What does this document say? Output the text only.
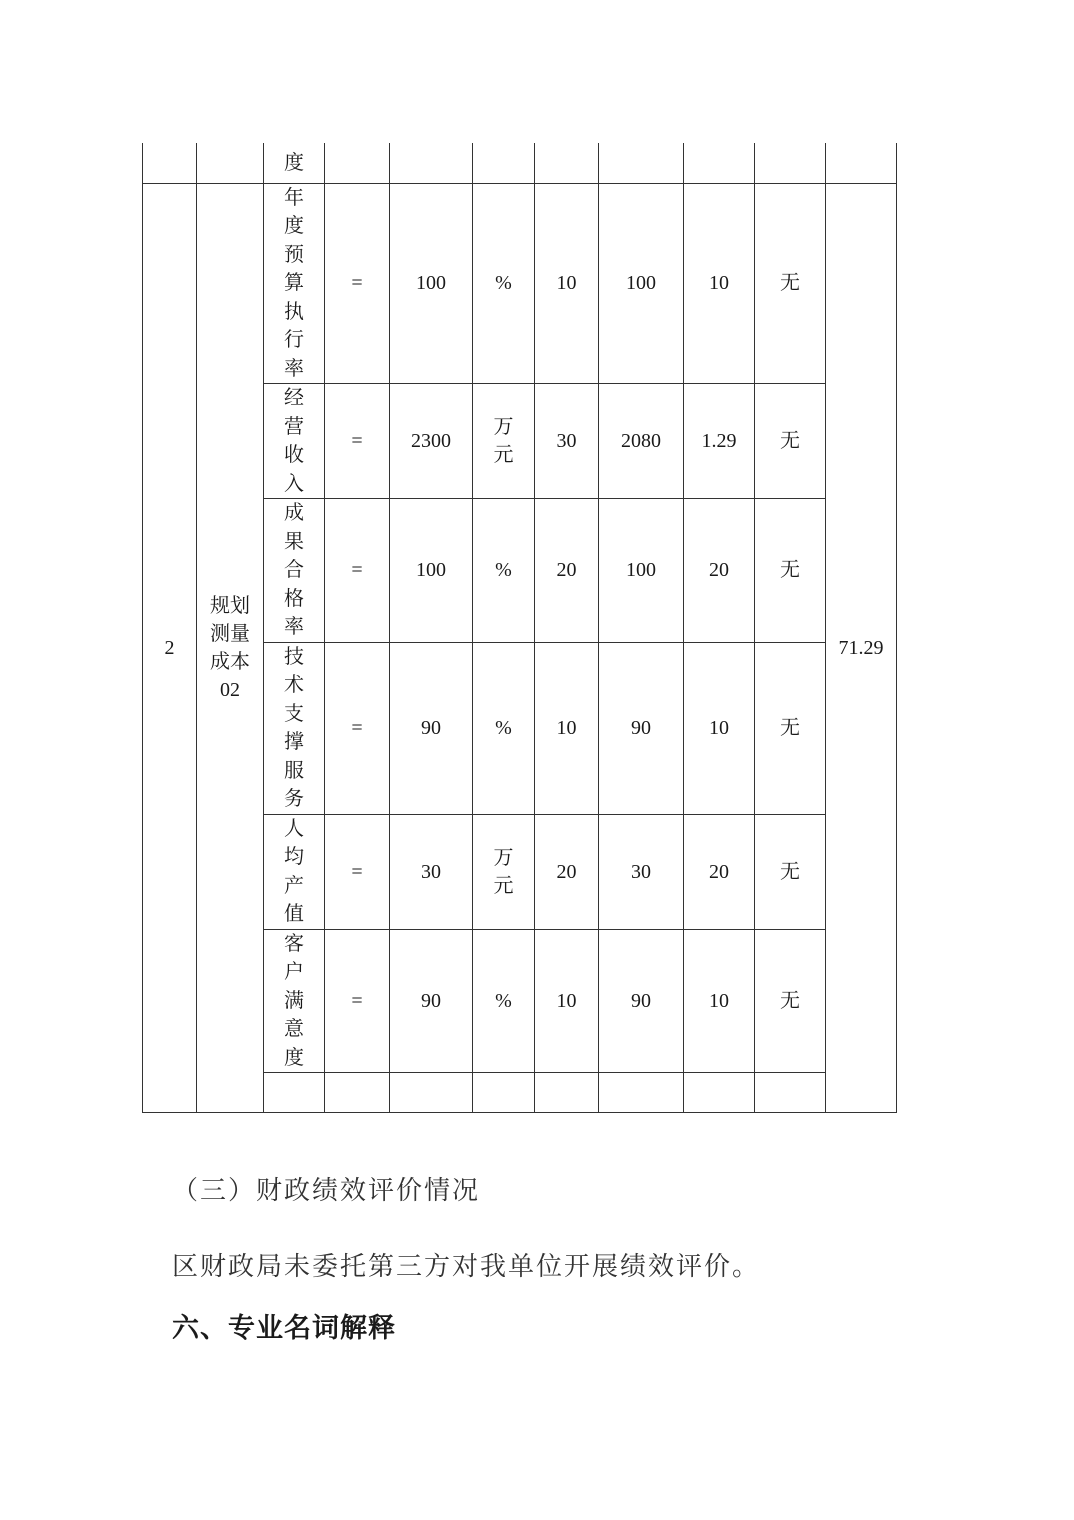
		度								

2	规划测量成本02	年度预算执行率	=	100	%	10	100	10	无	71.29

		经营收入	=	2300	万元	30	2080	1.29	无	

		成果合格率	=	100	%	20	100	20	无	

		技术支撑服务	=	90	%	10	90	10	无	

		人均产值	=	30	万元	20	30	20	无	

		客户满意度	=	90	%	10	90	10	无	

（三）财政绩效评价情况
区财政局未委托第三方对我单位开展绩效评价。
六、专业名词解释
